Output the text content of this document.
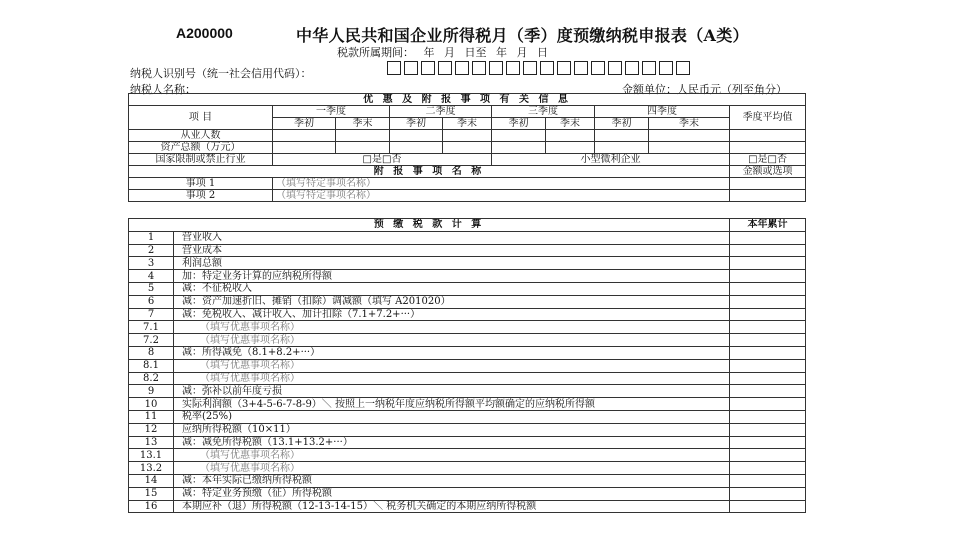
A200000	中华人民共和国企业所得税月（季）度预缴纳税申报表（A类）
税款所属期间： 年 月 日至 年 月 日
纳税人识别号（统一社会信用代码）：
纳税人名称：	金额单位：人民币元（列至角分）
优 惠 及 附 报 事 项 有 关 信 息									
项 目	一季度		二季度		三季度		四季度		季度平均值
	季初	季末	季初	季末	季初	季末	季初	季末	
从业人数									
资产总额（万元）									
国家限制或禁止行业	□是□否				小型微利企业				□是□否
附 报 事 项 名 称									金额或选项
事项 1	（填写特定事项名称）								
事项 2	（填写特定事项名称）								
预 缴 税 款 计 算		本年累计
1	营业收入	
2	营业成本	
3	利润总额	
4	加：特定业务计算的应纳税所得额	
5	减：不征税收入	
6	减：资产加速折旧、摊销（扣除）调减额（填写 A201020）	
7	减：免税收入、减计收入、加计扣除（7.1+7.2+···）	
7.1	（填写优惠事项名称）	
7.2	（填写优惠事项名称）	
8	减：所得减免（8.1+8.2+···）	
8.1	（填写优惠事项名称）	
8.2	（填写优惠事项名称）	
9	减：弥补以前年度亏损	
10	实际利润额（3+4-5-6-7-8-9）＼ 按照上一纳税年度应纳税所得额平均额确定的应纳税所得额	
11	税率(25%)	
12	应纳所得税额（10×11）	
13	减：减免所得税额（13.1+13.2+···）	
13.1	（填写优惠事项名称）	
13.2	（填写优惠事项名称）	
14	减：本年实际已缴纳所得税额	
15	减：特定业务预缴（征）所得税额	
16	本期应补（退）所得税额（12-13-14-15）＼ 税务机关确定的本期应纳所得税额	
